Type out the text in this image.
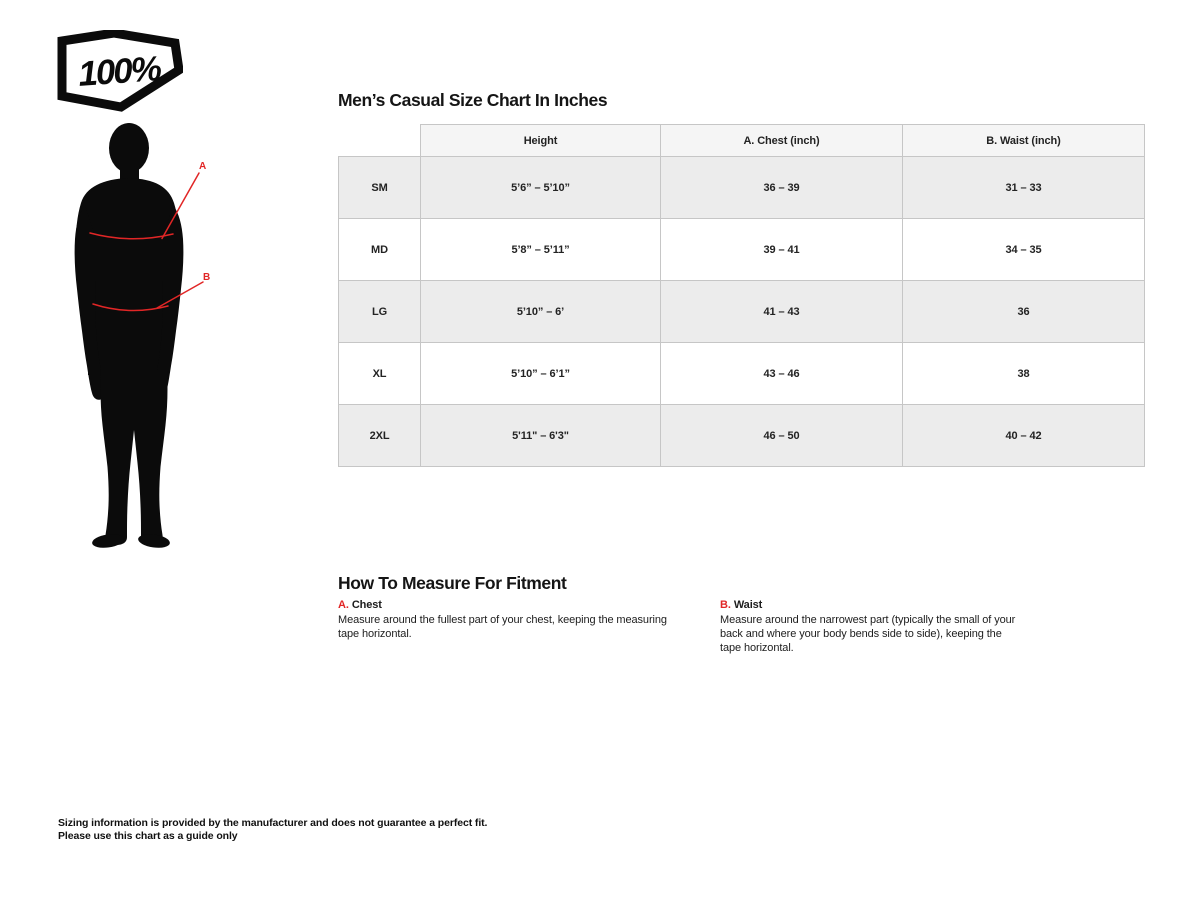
100%
A
B
Men’s Casual Size Chart In Inches
	Height	A. Chest (inch)	B. Waist (inch)
SM	5’6” – 5’10”	36 – 39	31 – 33
MD	5’8” – 5’11”	39 – 41	34 – 35
LG	5’10” – 6’	41 – 43	36
XL	5’10” – 6’1”	43 – 46	38
2XL	5'11" – 6'3"	46 – 50	40 – 42
How To Measure For Fitment
A. Chest
Measure around the fullest part of your chest, keeping the measuring tape horizontal.
B. Waist
Measure around the narrowest part (typically the small of your back and where your body bends side to side), keeping the tape horizontal.
Sizing information is provided by the manufacturer and does not guarantee a perfect fit.
Please use this chart as a guide only
